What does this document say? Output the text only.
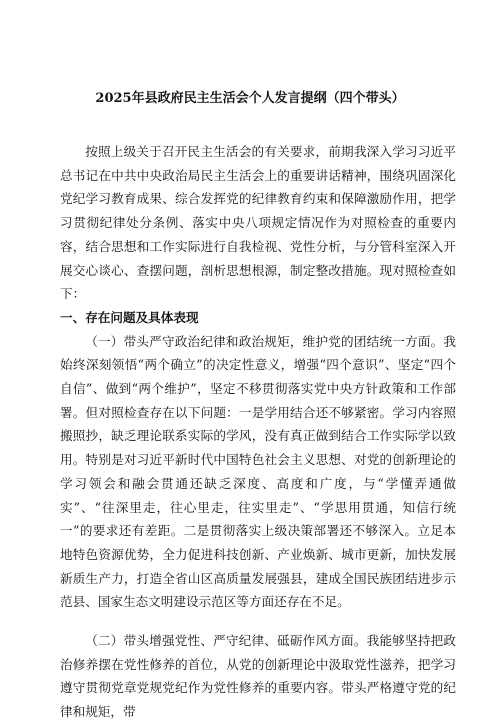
2025年县政府民主生活会个人发言提纲（四个带头）

按照上级关于召开民主生活会的有关要求，前期我深入学习习近平总书记在中共中央政治局民主生活会上的重要讲话精神，围绕巩固深化党纪学习教育成果、综合发挥党的纪律教育约束和保障激励作用，把学习贯彻纪律处分条例、落实中央八项规定情况作为对照检查的重要内容，结合思想和工作实际进行自我检视、党性分析，与分管科室深入开展交心谈心、查摆问题，剖析思想根源，制定整改措施。现对照检查如下：

一、存在问题及具体表现

（一）带头严守政治纪律和政治规矩，维护党的团结统一方面。我始终深刻领悟“两个确立”的决定性意义，增强“四个意识”、坚定“四个自信”、做到“两个维护”，坚定不移贯彻落实党中央方针政策和工作部署。但对照检查存在以下问题：一是学用结合还不够紧密。学习内容照搬照抄，缺乏理论联系实际的学风，没有真正做到结合工作实际学以致用。特别是对习近平新时代中国特色社会主义思想、对党的创新理论的学习领会和融会贯通还缺乏深度、高度和广度，与“学懂弄通做实”、“往深里走，往心里走，往实里走”、“学思用贯通，知信行统一”的要求还有差距。二是贯彻落实上级决策部署还不够深入。立足本地特色资源优势，全力促进科技创新、产业焕新、城市更新，加快发展新质生产力，打造全省山区高质量发展强县，建成全国民族团结进步示范县、国家生态文明建设示范区等方面还存在不足。

（二）带头增强党性、严守纪律、砥砺作风方面。我能够坚持把政治修养摆在党性修养的首位，从党的创新理论中汲取党性滋养，把学习遵守贯彻党章党规党纪作为党性修养的重要内容。带头严格遵守党的纪律和规矩，带
